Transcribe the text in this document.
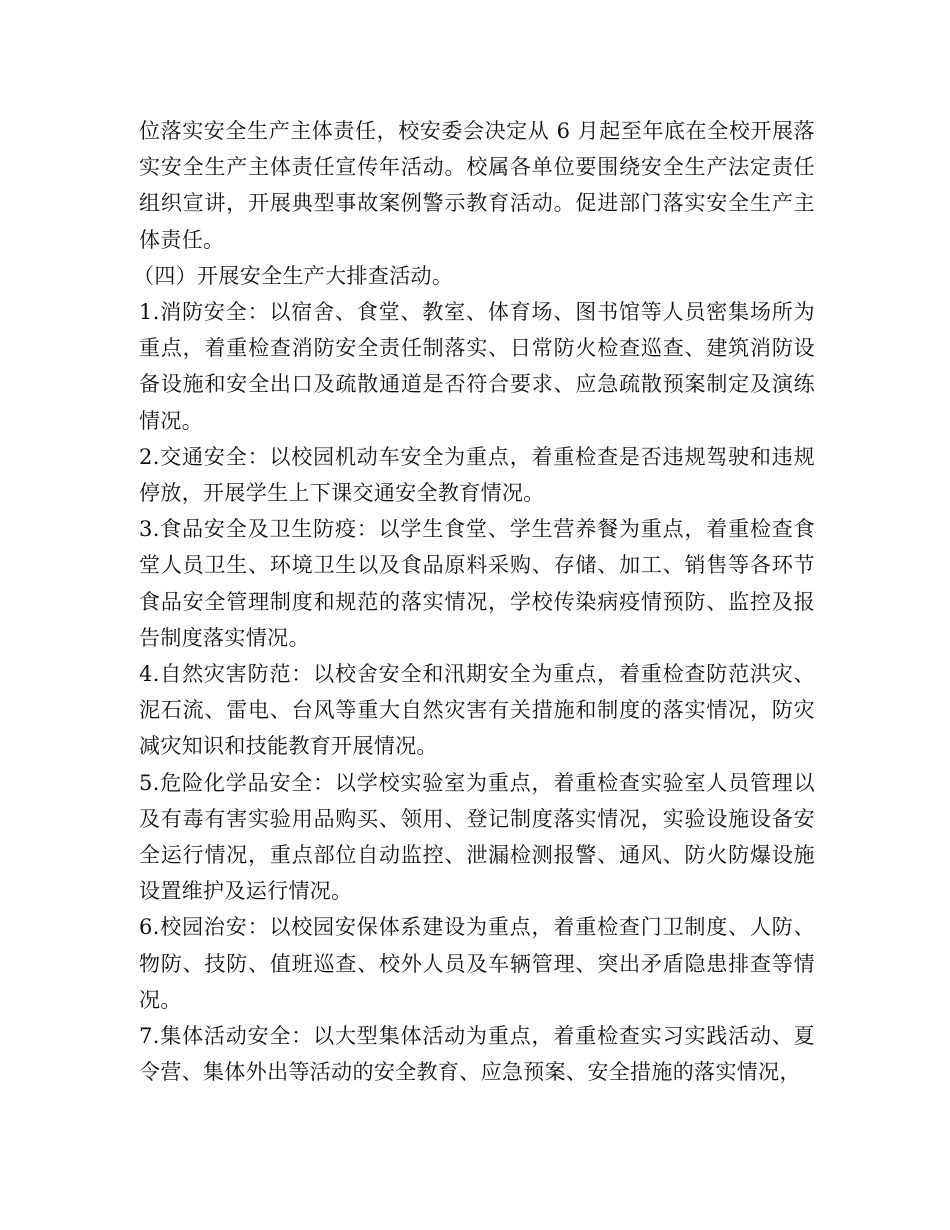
位落实安全生产主体责任，校安委会决定从 6 月起至年底在全校开展落实安全生产主体责任宣传年活动。校属各单位要围绕安全生产法定责任组织宣讲，开展典型事故案例警示教育活动。促进部门落实安全生产主体责任。

（四）开展安全生产大排查活动。

1.消防安全：以宿舍、食堂、教室、体育场、图书馆等人员密集场所为重点，着重检查消防安全责任制落实、日常防火检查巡查、建筑消防设备设施和安全出口及疏散通道是否符合要求、应急疏散预案制定及演练情况。

2.交通安全：以校园机动车安全为重点，着重检查是否违规驾驶和违规停放，开展学生上下课交通安全教育情况。

3.食品安全及卫生防疫：以学生食堂、学生营养餐为重点，着重检查食堂人员卫生、环境卫生以及食品原料采购、存储、加工、销售等各环节食品安全管理制度和规范的落实情况，学校传染病疫情预防、监控及报告制度落实情况。

4.自然灾害防范：以校舍安全和汛期安全为重点，着重检查防范洪灾、泥石流、雷电、台风等重大自然灾害有关措施和制度的落实情况，防灾减灾知识和技能教育开展情况。

5.危险化学品安全：以学校实验室为重点，着重检查实验室人员管理以及有毒有害实验用品购买、领用、登记制度落实情况，实验设施设备安全运行情况，重点部位自动监控、泄漏检测报警、通风、防火防爆设施设置维护及运行情况。

6.校园治安：以校园安保体系建设为重点，着重检查门卫制度、人防、物防、技防、值班巡查、校外人员及车辆管理、突出矛盾隐患排查等情况。

7.集体活动安全：以大型集体活动为重点，着重检查实习实践活动、夏令营、集体外出等活动的安全教育、应急预案、安全措施的落实情况，
